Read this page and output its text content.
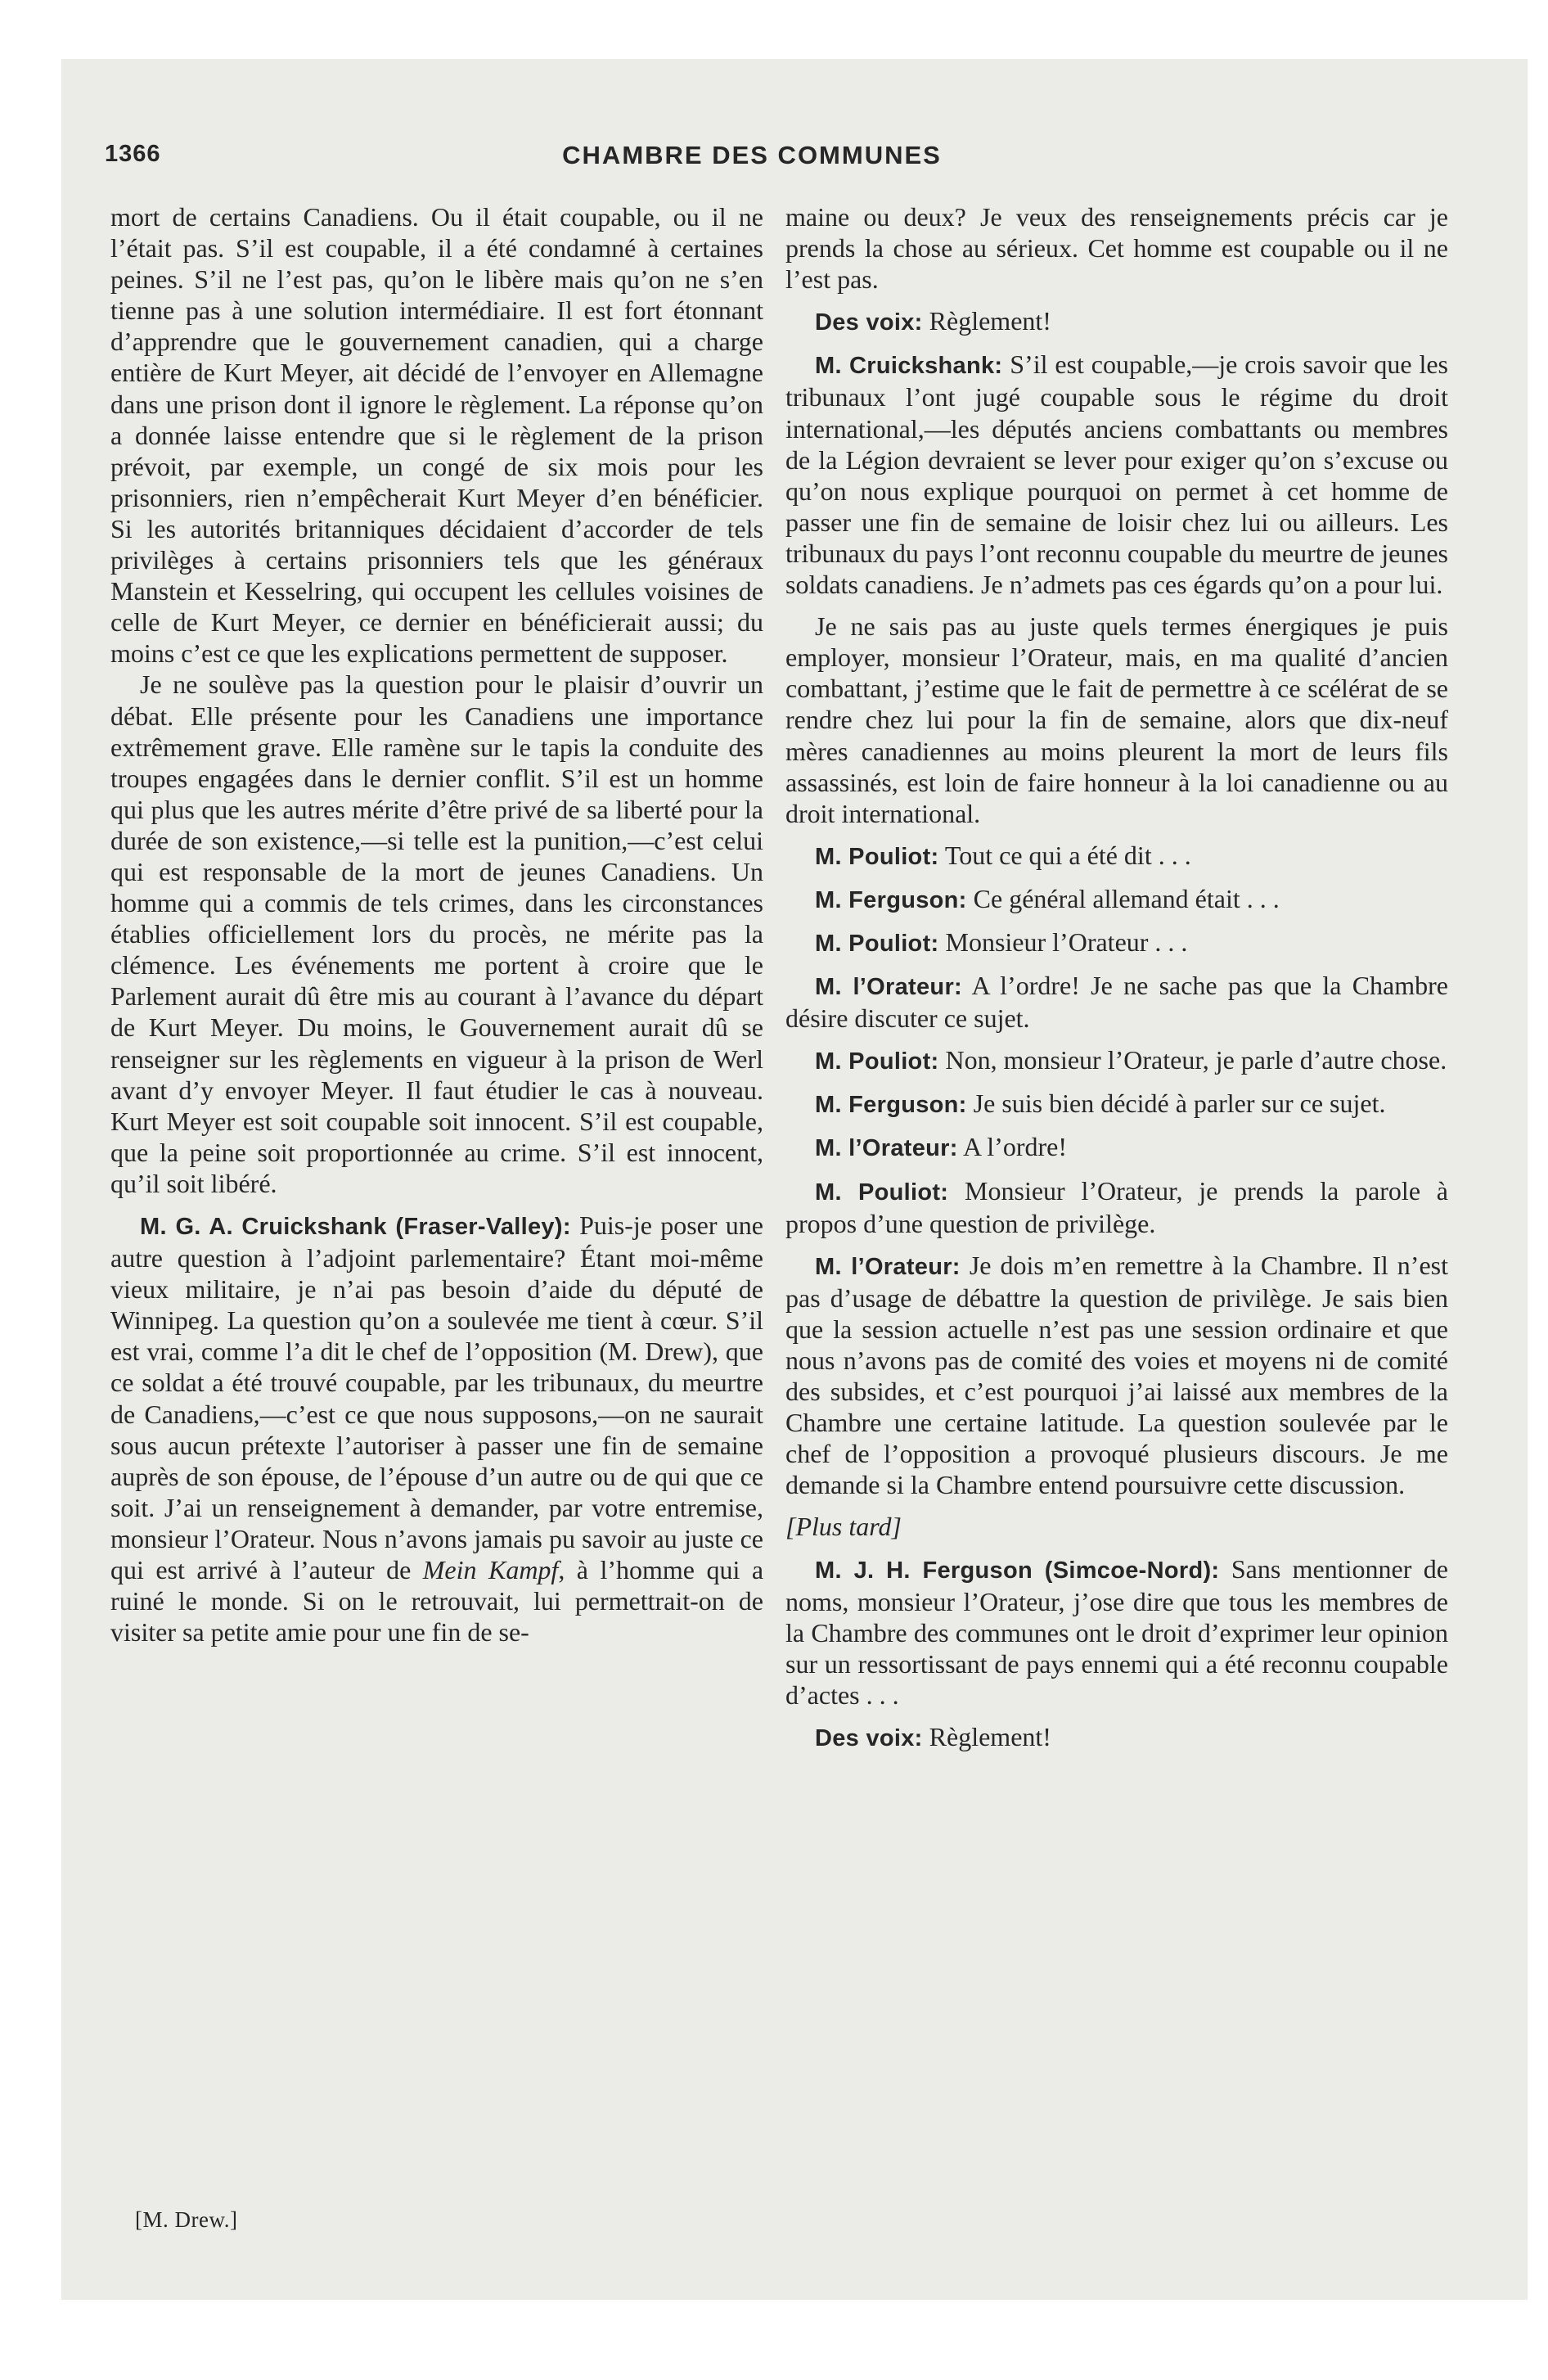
1366	CHAMBRE DES COMMUNES

mort de certains Canadiens. Ou il était coupable, ou il ne l’était pas. S’il est coupable, il a été condamné à certaines peines. S’il ne l’est pas, qu’on le libère mais qu’on ne s’en tienne pas à une solution intermédiaire. Il est fort étonnant d’apprendre que le gouvernement canadien, qui a charge entière de Kurt Meyer, ait décidé de l’envoyer en Allemagne dans une prison dont il ignore le règlement. La réponse qu’on a donnée laisse entendre que si le règlement de la prison prévoit, par exemple, un congé de six mois pour les prisonniers, rien n’empêcherait Kurt Meyer d’en bénéficier. Si les autorités britanniques décidaient d’accorder de tels privilèges à certains prisonniers tels que les généraux Manstein et Kesselring, qui occupent les cellules voisines de celle de Kurt Meyer, ce dernier en bénéficierait aussi; du moins c’est ce que les explications permettent de supposer.

Je ne soulève pas la question pour le plaisir d’ouvrir un débat. Elle présente pour les Canadiens une importance extrêmement grave. Elle ramène sur le tapis la conduite des troupes engagées dans le dernier conflit. S’il est un homme qui plus que les autres mérite d’être privé de sa liberté pour la durée de son existence,—si telle est la punition,—c’est celui qui est responsable de la mort de jeunes Canadiens. Un homme qui a commis de tels crimes, dans les circonstances établies officiellement lors du procès, ne mérite pas la clémence. Les événements me portent à croire que le Parlement aurait dû être mis au courant à l’avance du départ de Kurt Meyer. Du moins, le Gouvernement aurait dû se renseigner sur les règlements en vigueur à la prison de Werl avant d’y envoyer Meyer. Il faut étudier le cas à nouveau. Kurt Meyer est soit coupable soit innocent. S’il est coupable, que la peine soit proportionnée au crime. S’il est innocent, qu’il soit libéré.

M. G. A. Cruickshank (Fraser-Valley): Puis-je poser une autre question à l’adjoint parlementaire? Étant moi-même vieux militaire, je n’ai pas besoin d’aide du député de Winnipeg. La question qu’on a soulevée me tient à cœur. S’il est vrai, comme l’a dit le chef de l’opposition (M. Drew), que ce soldat a été trouvé coupable, par les tribunaux, du meurtre de Canadiens,—c’est ce que nous supposons,—on ne saurait sous aucun prétexte l’autoriser à passer une fin de semaine auprès de son épouse, de l’épouse d’un autre ou de qui que ce soit. J’ai un renseignement à demander, par votre entremise, monsieur l’Orateur. Nous n’avons jamais pu savoir au juste ce qui est arrivé à l’auteur de Mein Kampf, à l’homme qui a ruiné le monde. Si on le retrouvait, lui permettrait-on de visiter sa petite amie pour une fin de se-

[M. Drew.]

maine ou deux? Je veux des renseignements précis car je prends la chose au sérieux. Cet homme est coupable ou il ne l’est pas.

Des voix: Règlement!

M. Cruickshank: S’il est coupable,—je crois savoir que les tribunaux l’ont jugé coupable sous le régime du droit international,—les députés anciens combattants ou membres de la Légion devraient se lever pour exiger qu’on s’excuse ou qu’on nous explique pourquoi on permet à cet homme de passer une fin de semaine de loisir chez lui ou ailleurs. Les tribunaux du pays l’ont reconnu coupable du meurtre de jeunes soldats canadiens. Je n’admets pas ces égards qu’on a pour lui.

Je ne sais pas au juste quels termes énergiques je puis employer, monsieur l’Orateur, mais, en ma qualité d’ancien combattant, j’estime que le fait de permettre à ce scélérat de se rendre chez lui pour la fin de semaine, alors que dix-neuf mères canadiennes au moins pleurent la mort de leurs fils assassinés, est loin de faire honneur à la loi canadienne ou au droit international.

M. Pouliot: Tout ce qui a été dit . . .

M. Ferguson: Ce général allemand était . . .

M. Pouliot: Monsieur l’Orateur . . .

M. l’Orateur: A l’ordre! Je ne sache pas que la Chambre désire discuter ce sujet.

M. Pouliot: Non, monsieur l’Orateur, je parle d’autre chose.

M. Ferguson: Je suis bien décidé à parler sur ce sujet.

M. l’Orateur: A l’ordre!

M. Pouliot: Monsieur l’Orateur, je prends la parole à propos d’une question de privilège.

M. l’Orateur: Je dois m’en remettre à la Chambre. Il n’est pas d’usage de débattre la question de privilège. Je sais bien que la session actuelle n’est pas une session ordinaire et que nous n’avons pas de comité des voies et moyens ni de comité des subsides, et c’est pourquoi j’ai laissé aux membres de la Chambre une certaine latitude. La question soulevée par le chef de l’opposition a provoqué plusieurs discours. Je me demande si la Chambre entend poursuivre cette discussion.

[Plus tard]

M. J. H. Ferguson (Simcoe-Nord): Sans mentionner de noms, monsieur l’Orateur, j’ose dire que tous les membres de la Chambre des communes ont le droit d’exprimer leur opinion sur un ressortissant de pays ennemi qui a été reconnu coupable d’actes . . .

Des voix: Règlement!
